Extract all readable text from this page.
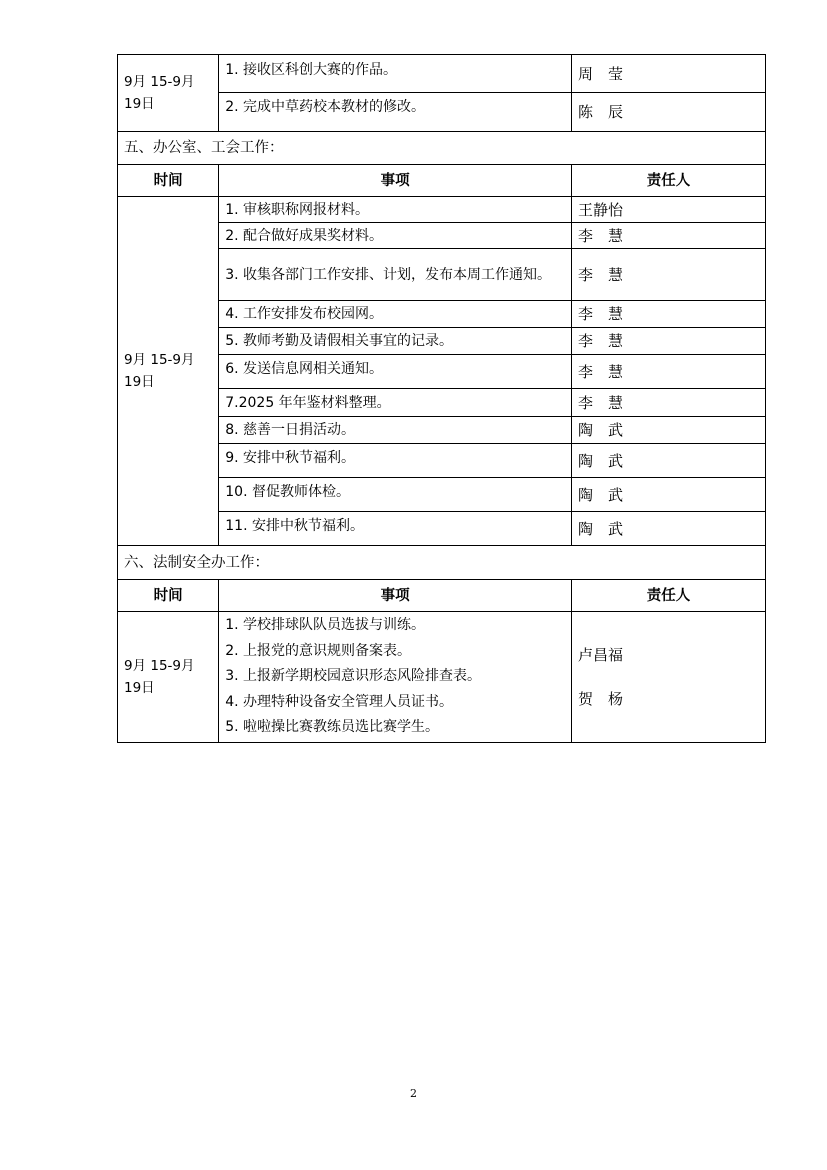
9月 15-9月 19日	1. 接收区科创大赛的作品。	周　莹
	2. 完成中草药校本教材的修改。	陈　辰
五、办公室、工会工作：		
时间	事项	责任人
9月 15-9月 19日	1. 审核职称网报材料。	王静怡
	2. 配合做好成果奖材料。	李　慧
	3. 收集各部门工作安排、计划，发布本周工作通知。	李　慧
	4. 工作安排发布校园网。	李　慧
	5. 教师考勤及请假相关事宜的记录。	李　慧
	6. 发送信息网相关通知。	李　慧
	7.2025 年年鉴材料整理。	李　慧
	8. 慈善一日捐活动。	陶　武
	9. 安排中秋节福利。	陶　武
	10. 督促教师体检。	陶　武
	11. 安排中秋节福利。	陶　武
六、法制安全办工作：		
时间	事项	责任人
9月 15-9月 19日	1. 学校排球队队员选拔与训练。
2. 上报党的意识规则备案表。
3. 上报新学期校园意识形态风险排查表。
4. 办理特种设备安全管理人员证书。
5. 啦啦操比赛教练员选比赛学生。	卢昌福
贺　杨
2
